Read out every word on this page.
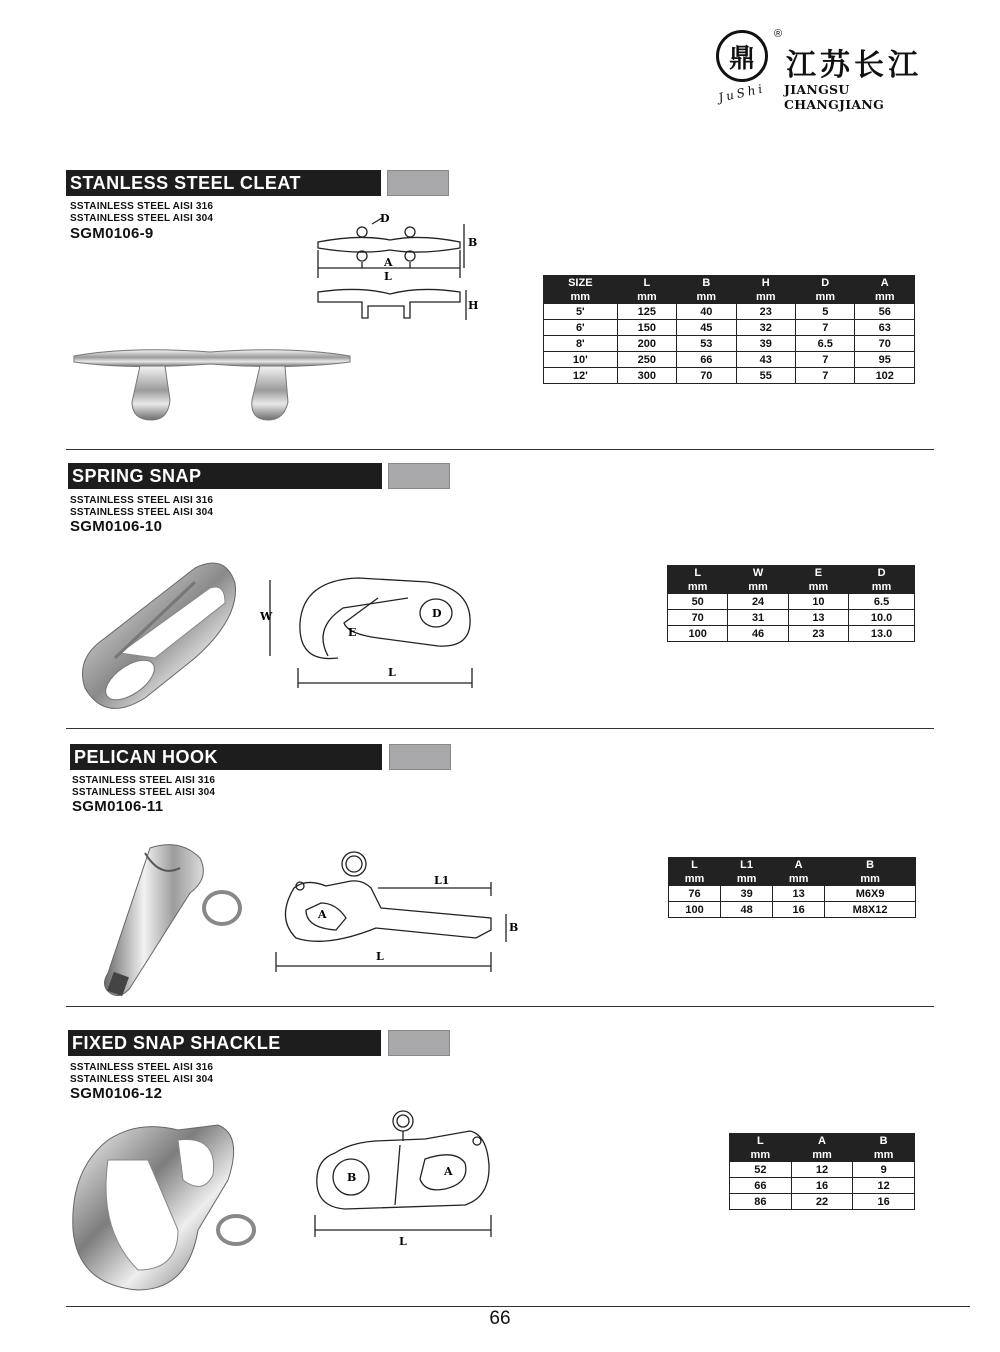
鼎
®
江苏长江
JIANGSU CHANGJIANG
JuShi
STANLESS STEEL CLEAT
SSTAINLESS STEEL AISI 316
SSTAINLESS STEEL AISI 304
SGM0106-9
D
B
A
L
H
SIZE	L	B	H	D	A
mm	mm	mm	mm	mm	mm
5'	125	40	23	5	56
6'	150	45	32	7	63
8'	200	53	39	6.5	70
10'	250	66	43	7	95
12'	300	70	55	7	102
SPRING SNAP
SSTAINLESS STEEL AISI 316
SSTAINLESS STEEL AISI 304
SGM0106-10
W
E
D
L
L	W	E	D
mm	mm	mm	mm
50	24	10	6.5
70	31	13	10.0
100	46	23	13.0
PELICAN HOOK
SSTAINLESS STEEL AISI 316
SSTAINLESS STEEL AISI 304
SGM0106-11
L1
A
B
L
L	L1	A	B
mm	mm	mm	mm
76	39	13	M6X9
100	48	16	M8X12
FIXED SNAP SHACKLE
SSTAINLESS STEEL AISI 316
SSTAINLESS STEEL AISI 304
SGM0106-12
B	A
L
L	A	B
mm	mm	mm
52	12	9
66	16	12
86	22	16
66
